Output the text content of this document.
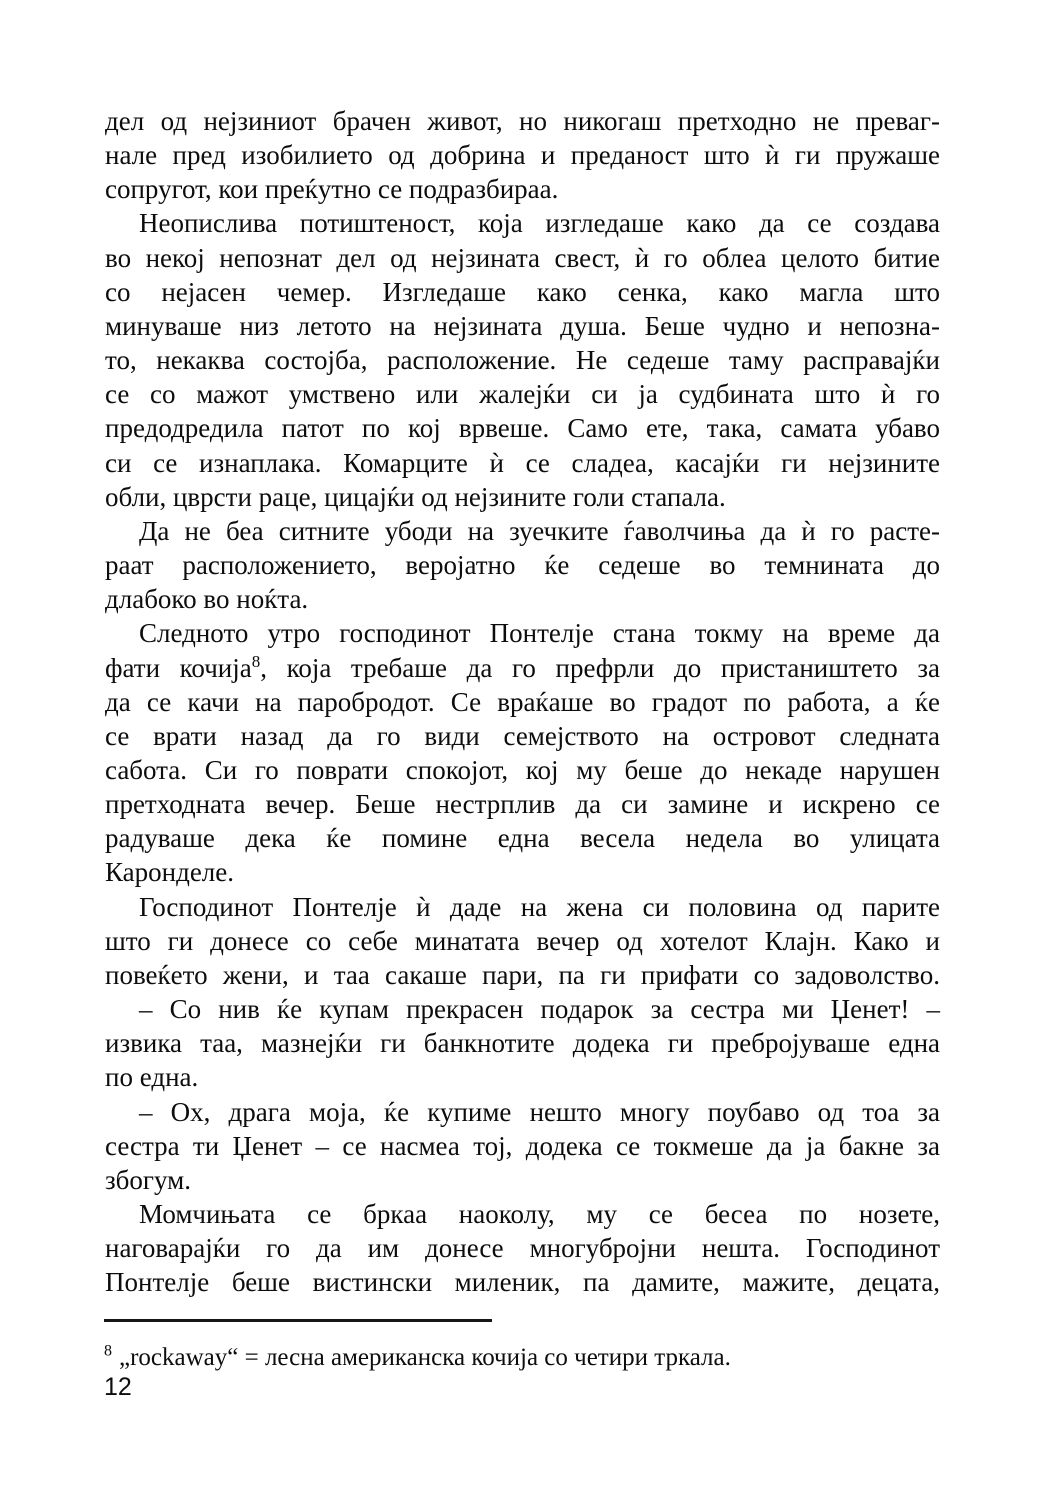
дел од нејзиниот брачен живот, но никогаш претходно не преваг-
нале пред изобилието од добрина и преданост што ѝ ги пружаше
сопругот, кои преќутно се подразбираа.
Неопислива потиштеност, која изгледаше како да се создава
во некој непознат дел од нејзината свест, ѝ го облеа целото битие
со нејасен чемер. Изгледаше како сенка, како магла што
минуваше низ летото на нејзината душа. Беше чудно и непозна-
то, некаква состојба, расположение. Не седеше таму расправајќи
се со мажот умствено или жалејќи си ја судбината што ѝ го
предодредила патот по кој врвеше. Само ете, така, самата убаво
си се изнаплака. Комарците ѝ се сладеа, касајќи ги нејзините
обли, цврсти раце, цицајќи од нејзините голи стапала.
Да не беа ситните убоди на зуечките ѓаволчиња да ѝ го расте-
раат расположението, веројатно ќе седеше во темнината до
длабоко во ноќта.
Следното утро господинот Понтелје стана токму на време да
фати кочија$^8$, која требаше да го префрли до пристаништето за
да се качи на паробродот. Се враќаше во градот по работа, а ќе
се врати назад да го види семејството на островот следната
сабота. Си го поврати спокојот, кој му беше до некаде нарушен
претходната вечер. Беше нестрплив да си замине и искрено се
радуваше дека ќе помине една весела недела во улицата
Каронделе.
Господинот Понтелје ѝ даде на жена си половина од парите
што ги донесе со себе минатата вечер од хотелот Клајн. Како и
повеќето жени, и таа сакаше пари, па ги прифати со задоволство.
– Со нив ќе купам прекрасен подарок за сестра ми Џенет! –
извика таа, мазнејќи ги банкнотите додека ги пребројуваше една
по една.
– Ох, драга моја, ќе купиме нешто многу поубаво од тоа за
сестра ти Џенет – се насмеа тој, додека се токмеше да ја бакне за
збогум.
Момчињата се бркаа наоколу, му се бесеа по нозете,
наговарајќи го да им донесе многубројни нешта. Господинот
Понтелје беше вистински миленик, па дамите, мажите, децата,
$^8$ „rockaway“ = лесна американска кочија со четири тркала.
12
